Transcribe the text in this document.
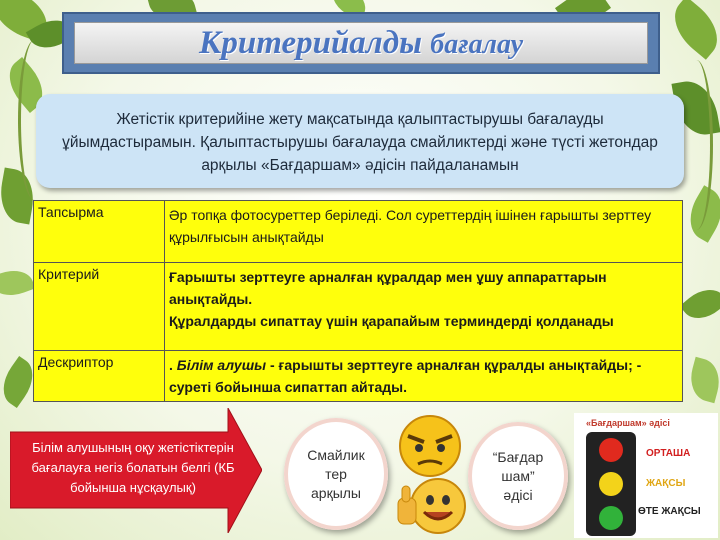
Критерийалды бағалау
Жетістік критерийіне жету мақсатында қалыптастырушы бағалауды ұйымдастырамын. Қалыптастырушы бағалауда смайликтерді және түсті жетондар арқылы «Бағдаршам» әдісін пайдаланамын
Тапсырма	Әр топқа фотосуреттер беріледі. Сол суреттердің ішінен ғарышты зерттеу құрылғысын анықтайды
Критерий	Ғарышты зерттеуге арналған құралдар мен ұшу аппараттарын анықтайды.
Құралдарды сипаттау үшін қарапайым терминдерді қолданады
Дескриптор	. Білім алушы - ғарышты зерттеуге арналған құралды анықтайды; - суреті бойынша сипаттап айтады.
Білім алушының оқу жетістіктерін бағалауға негіз болатын белгі (КБ бойынша нұсқаулық)
Смайлик тер арқылы
“Бағдар шам” әдісі
«Бағдаршам» әдісі
ОРТАША
ЖАҚСЫ
ӨТЕ ЖАҚСЫ
